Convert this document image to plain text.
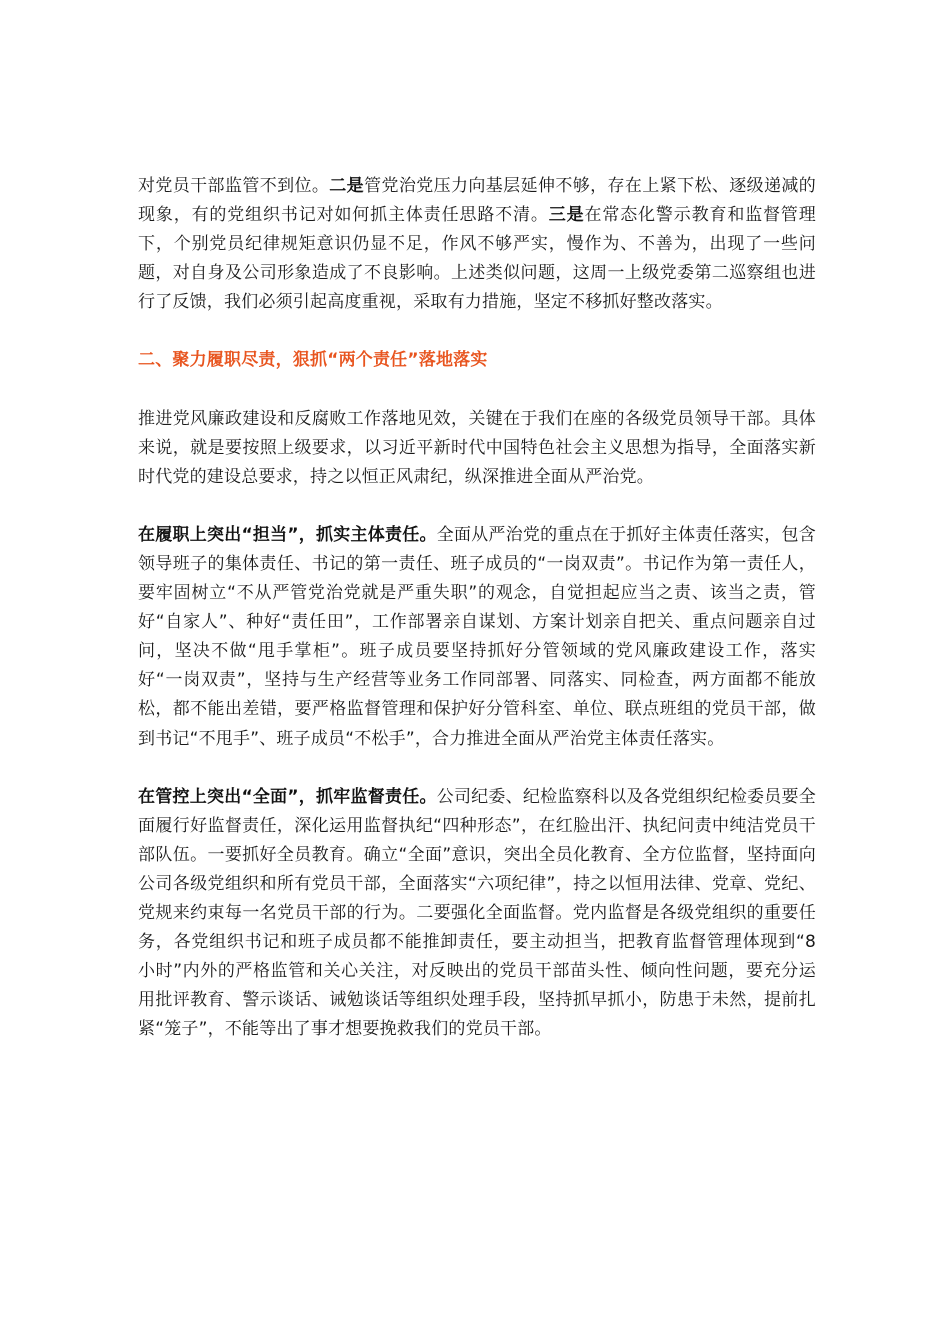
对党员干部监管不到位。二是管党治党压力向基层延伸不够，存在上紧下松、逐级递减的现象，有的党组织书记对如何抓主体责任思路不清。三是在常态化警示教育和监督管理下，个别党员纪律规矩意识仍显不足，作风不够严实，慢作为、不善为，出现了一些问题，对自身及公司形象造成了不良影响。上述类似问题，这周一上级党委第二巡察组也进行了反馈，我们必须引起高度重视，采取有力措施，坚定不移抓好整改落实。

二、聚力履职尽责，狠抓“两个责任”落地落实

推进党风廉政建设和反腐败工作落地见效，关键在于我们在座的各级党员领导干部。具体来说，就是要按照上级要求，以习近平新时代中国特色社会主义思想为指导，全面落实新时代党的建设总要求，持之以恒正风肃纪，纵深推进全面从严治党。

在履职上突出“担当”，抓实主体责任。全面从严治党的重点在于抓好主体责任落实，包含领导班子的集体责任、书记的第一责任、班子成员的“一岗双责”。书记作为第一责任人，要牢固树立“不从严管党治党就是严重失职”的观念，自觉担起应当之责、该当之责，管好“自家人”、种好“责任田”，工作部署亲自谋划、方案计划亲自把关、重点问题亲自过问，坚决不做“甩手掌柜”。班子成员要坚持抓好分管领域的党风廉政建设工作，落实好“一岗双责”，坚持与生产经营等业务工作同部署、同落实、同检查，两方面都不能放松，都不能出差错，要严格监督管理和保护好分管科室、单位、联点班组的党员干部，做到书记“不甩手”、班子成员“不松手”，合力推进全面从严治党主体责任落实。

在管控上突出“全面”，抓牢监督责任。公司纪委、纪检监察科以及各党组织纪检委员要全面履行好监督责任，深化运用监督执纪“四种形态”，在红脸出汗、执纪问责中纯洁党员干部队伍。一要抓好全员教育。确立“全面”意识，突出全员化教育、全方位监督，坚持面向公司各级党组织和所有党员干部，全面落实“六项纪律”，持之以恒用法律、党章、党纪、党规来约束每一名党员干部的行为。二要强化全面监督。党内监督是各级党组织的重要任务，各党组织书记和班子成员都不能推卸责任，要主动担当，把教育监督管理体现到“8 小时”内外的严格监管和关心关注，对反映出的党员干部苗头性、倾向性问题，要充分运用批评教育、警示谈话、诫勉谈话等组织处理手段，坚持抓早抓小，防患于未然，提前扎紧“笼子”，不能等出了事才想要挽救我们的党员干部。
